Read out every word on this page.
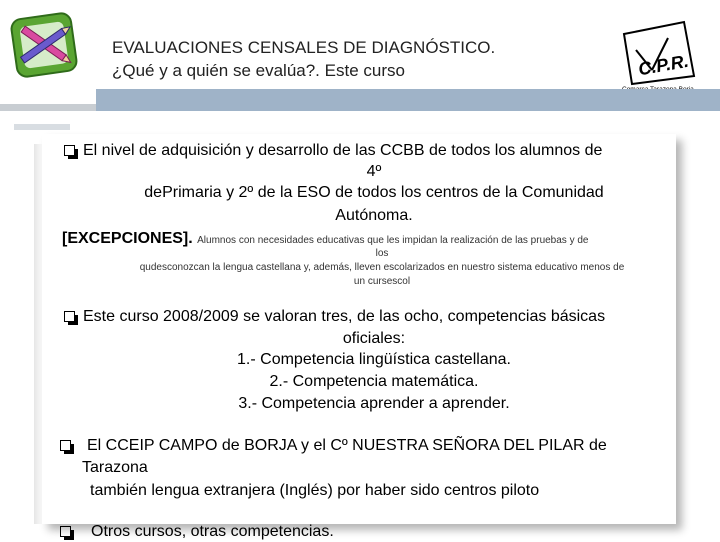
EVALUACIONES CENSALES DE DIAGNÓSTICO.
¿Qué y a quién se evalúa?. Este curso	C.P.R.
El nivel de adquisición y desarrollo de las CCBB de todos los alumnos de
4º
dePrimaria y 2º de la ESO de todos los centros de la Comunidad
Autónoma.
[EXCEPCIONES]. Alumnos con necesidades educativas que les impidan la realización de las pruebas y de
los
qudesconozcan la lengua castellana y, además, lleven escolarizados en nuestro sistema educativo menos de
un cursescol
Este curso 2008/2009 se valoran tres, de las ocho, competencias básicas
oficiales:
1.- Competencia lingüística castellana.
2.- Competencia matemática.
3.- Competencia aprender a aprender.
El CCEIP CAMPO de BORJA y el Cº NUESTRA SEÑORA DEL PILAR de
Tarazona
también lengua extranjera (Inglés) por haber sido centros piloto
Otros cursos, otras competencias.
